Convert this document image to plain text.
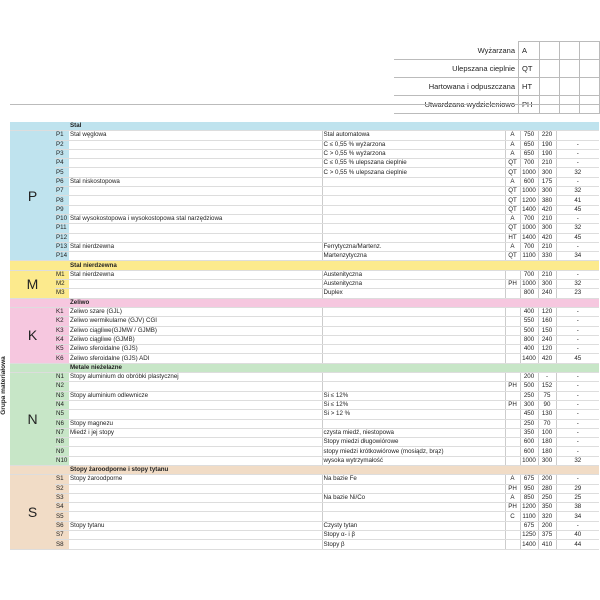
Wyżarzana	A			
Ulepszana cieplnie	QT			
Hartowana i odpuszczana	HT			
Utwardzana wydzieleniowo	PH			
Grupa materiałowa
		Stal					
P	P1	Stal węglowa	Stal automatowa	A	750	220	
	P2		C ≤ 0,55 % wyżarzona	A	650	190	-
	P3		C > 0,55 % wyżarzona	A	650	190	-
	P4		C ≤ 0,55 % ulepszana cieplnie	QT	700	210	-
	P5		C > 0,55 % ulepszana cieplnie	QT	1000	300	32
	P6	Stal niskostopowa		A	600	175	-
	P7			QT	1000	300	32
	P8			QT	1200	380	41
	P9			QT	1400	420	45
	P10	Stal wysokostopowa i wysokostopowa stal narzędziowa		A	700	210	-
	P11			QT	1000	300	32
	P12			HT	1400	420	45
	P13	Stal nierdzewna	Ferrytyczna/Martenz.	A	700	210	-
	P14		Martenzytyczna	QT	1100	330	34
		Stal nierdzewna					
M	M1	Stal nierdzewna	Austenityczna		700	210	-
	M2		Austenityczna	PH	1000	300	32
	M3		Duplex		800	240	23
		Żeliwo					
K	K1	Żeliwo szare (GJL)			400	120	-
	K2	Żeliwo wermikularne (GJV) CGI			550	160	-
	K3	Żeliwo ciągliwe(GJMW / GJMB)			500	150	-
	K4	Żeliwo ciągliwe (GJMB)			800	240	-
	K5	Żeliwo sferoidalne (GJS)			400	120	-
	K6	Żeliwo sferoidalne (GJS) ADI			1400	420	45
		Metale nieżelazne					
N	N1	Stopy aluminium do obróbki plastycznej			200	-	-
	N2			PH	500	152	-
	N3	Stopy aluminium odlewnicze	Si ≤ 12%		250	75	-
	N4		Si ≤ 12%	PH	300	90	-
	N5		Si > 12 %		450	130	-
	N6	Stopy magnezu			250	70	-
	N7	Miedź i jej stopy	czysta miedź, niestopowa		350	100	-
	N8		Stopy miedzi długowiórowe		600	180	-
	N9		stopy miedzi krótkowiórowe (mosiądz, brąz)		600	180	-
	N10		wysoka wytrzymałość		1000	300	32
		Stopy żaroodporne i stopy tytanu					
S	S1	Stopy żaroodporne	Na bazie Fe	A	675	200	-
	S2			PH	950	280	29
	S3		Na bazie Ni/Co	A	850	250	25
	S4			PH	1200	350	38
	S5			C	1100	320	34
	S6	Stopy tytanu	Czysty tytan		675	200	-
	S7		Stopy α- i β		1250	375	40
	S8		Stopy β		1400	410	44
